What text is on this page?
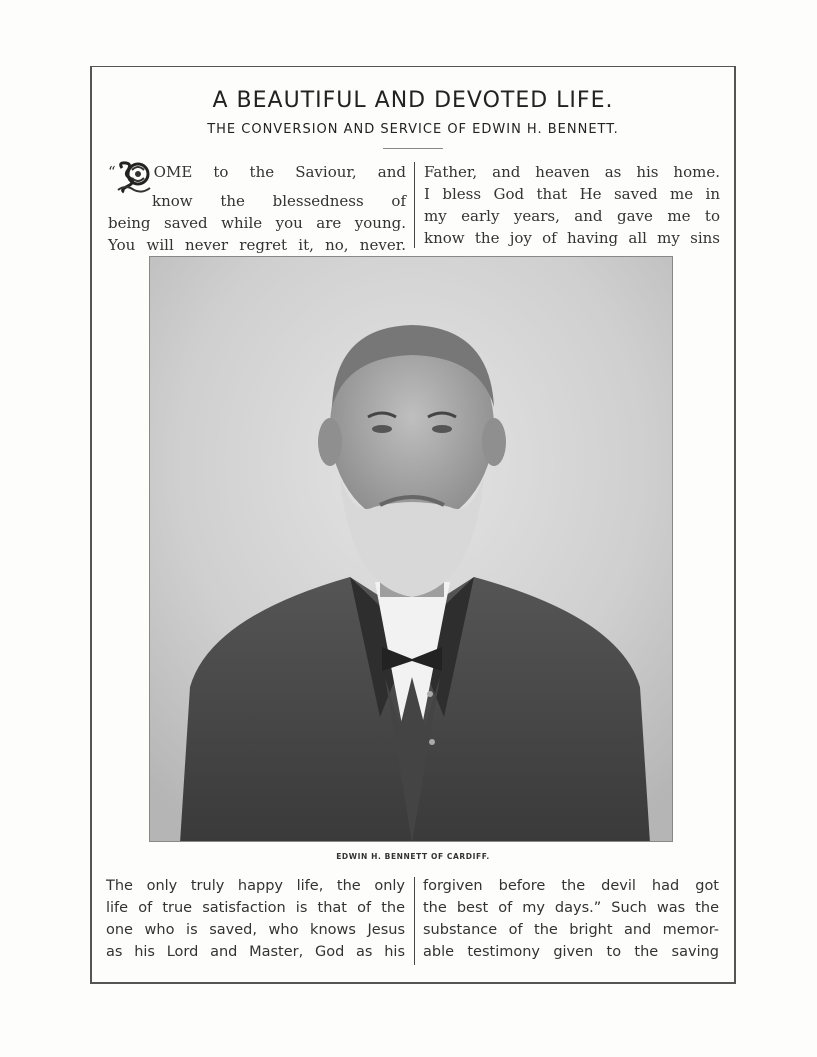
A BEAUTIFUL AND DEVOTED LIFE.
THE CONVERSION AND SERVICE OF EDWIN H. BENNETT.
“	OME to the Saviour, and
know the blessedness of
being saved while you are young.
You will never regret it, no, never.
Father, and heaven as his home.
I bless God that He saved me in
my early years, and gave me to
know the joy of having all my sins
EDWIN H. BENNETT OF CARDIFF.
The only truly happy life, the only
life of true satisfaction is that of the
one who is saved, who knows Jesus
as his Lord and Master, God as his
forgiven before the devil had got
the best of my days.” Such was the
substance of the bright and memor-
able testimony given to the saving
